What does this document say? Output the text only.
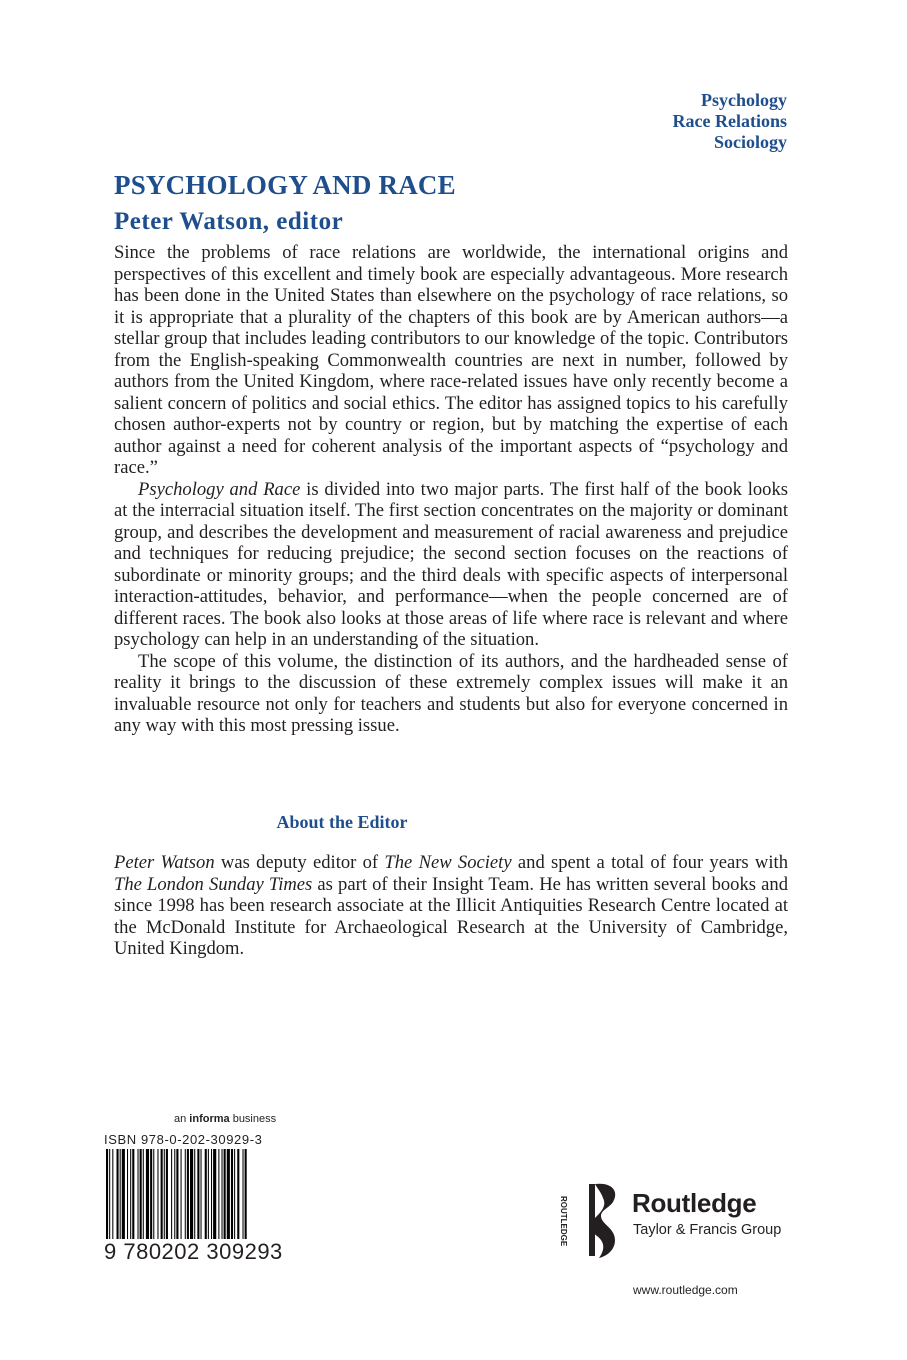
Psychology
Race Relations
Sociology
PSYCHOLOGY AND RACE
Peter Watson, editor

Since the problems of race relations are worldwide, the international origins and perspectives of this excellent and timely book are especially advantageous. More research has been done in the United States than elsewhere on the psychology of race relations, so it is appropriate that a plurality of the chapters of this book are by American authors—a stellar group that includes leading contributors to our knowledge of the topic. Contributors from the English-speaking Commonwealth countries are next in number, followed by authors from the United Kingdom, where race-related issues have only recently become a salient concern of politics and social ethics. The editor has assigned topics to his carefully chosen author-experts not by country or region, but by matching the expertise of each author against a need for coherent analysis of the important aspects of “psychology and race.”

Psychology and Race is divided into two major parts. The first half of the book looks at the interracial situation itself. The first section concentrates on the majority or dominant group, and describes the development and measurement of racial awareness and prejudice and techniques for reducing prejudice; the second section focuses on the reactions of subordinate or minority groups; and the third deals with specific aspects of interpersonal interaction-attitudes, behavior, and performance—when the people concerned are of different races. The book also looks at those areas of life where race is relevant and where psychology can help in an understanding of the situation.

The scope of this volume, the distinction of its authors, and the hardheaded sense of reality it brings to the discussion of these extremely complex issues will make it an invaluable resource not only for teachers and students but also for everyone concerned in any way with this most pressing issue.

About the Editor

Peter Watson was deputy editor of The New Society and spent a total of four years with The London Sunday Times as part of their Insight Team. He has written several books and since 1998 has been research associate at the Illicit Antiquities Research Centre located at the McDonald Institute for Archaeological Research at the University of Cambridge, United Kingdom.

an informa business
ISBN 978-0-202-30929-3
9 780202 309293
ROUTLEDGE Routledge

Taylor & Francis Group

www.routledge.com
